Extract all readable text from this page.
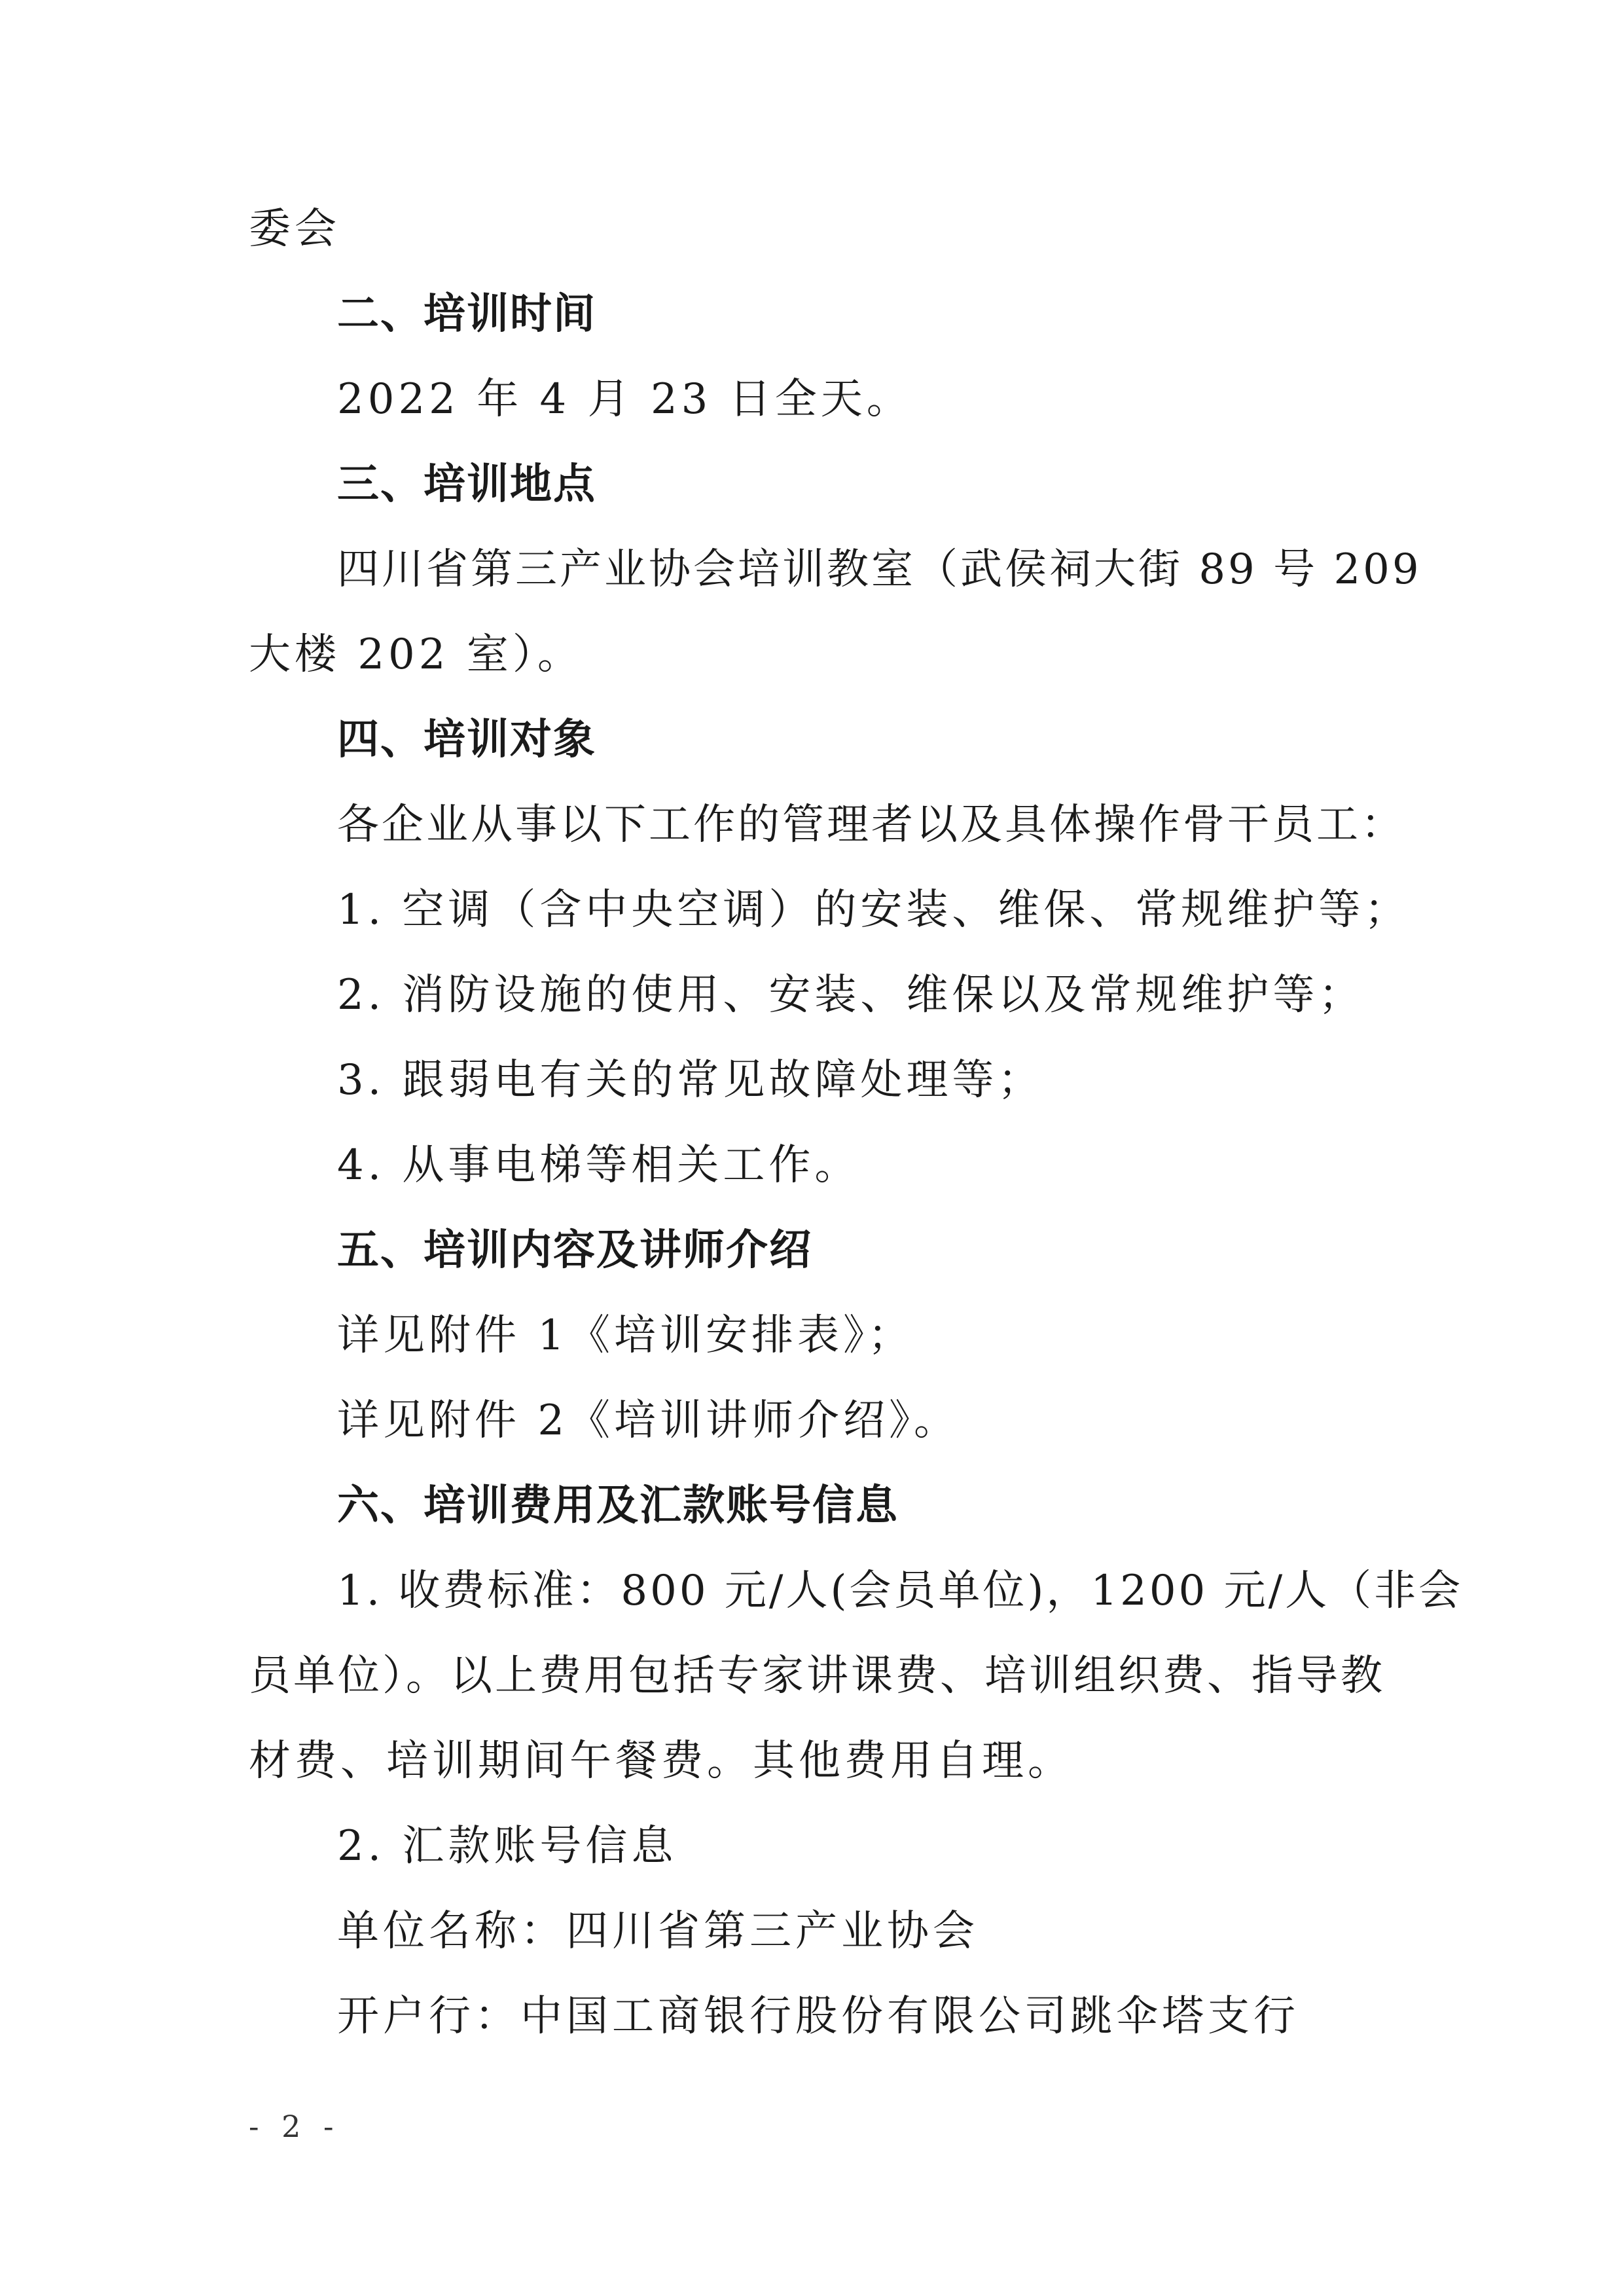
委会
二、培训时间
2022 年 4 月 23 日全天。
三、培训地点
四川省第三产业协会培训教室（武侯祠大街 89 号 209
大楼 202 室）。
四、培训对象
各企业从事以下工作的管理者以及具体操作骨干员工：
1. 空调（含中央空调）的安装、维保、常规维护等；
2. 消防设施的使用、安装、维保以及常规维护等；
3. 跟弱电有关的常见故障处理等；
4. 从事电梯等相关工作。
五、培训内容及讲师介绍
详见附件 1《培训安排表》；
详见附件 2《培训讲师介绍》。
六、培训费用及汇款账号信息
1. 收费标准：800 元/人(会员单位)，1200 元/人（非会
员单位）。以上费用包括专家讲课费、培训组织费、指导教
材费、培训期间午餐费。其他费用自理。
2. 汇款账号信息
单位名称：四川省第三产业协会
开户行：中国工商银行股份有限公司跳伞塔支行
- 2 -
